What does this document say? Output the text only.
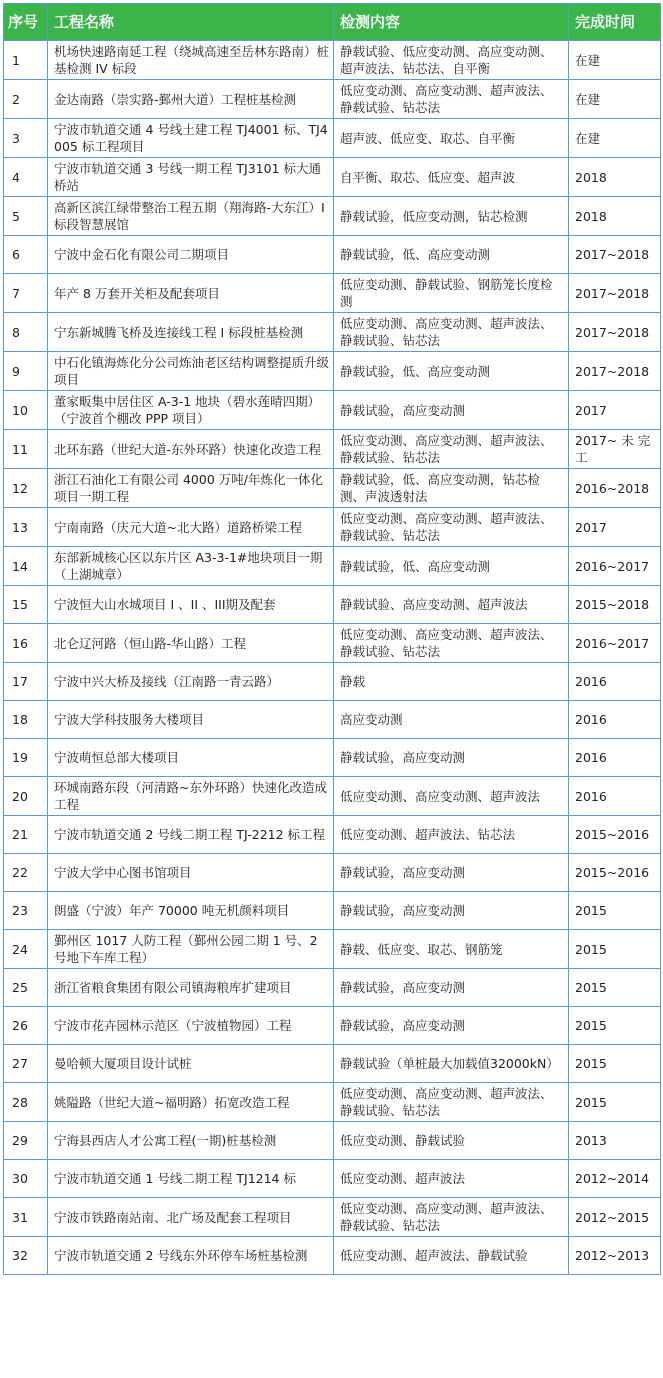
序号	工程名称	检测内容	完成时间
1	机场快速路南延工程（绕城高速至岳林东路南）桩基检测 IV 标段	静载试验、低应变动测、高应变动测、超声波法、钻芯法、自平衡	在建
2	金达南路（崇实路-鄞州大道）工程桩基检测	低应变动测、高应变动测、超声波法、静载试验、钻芯法	在建
3	宁波市轨道交通 4 号线土建工程 TJ4001 标、TJ4005 标工程项目	超声波、低应变、取芯、自平衡	在建
4	宁波市轨道交通 3 号线一期工程 TJ3101 标大通桥站	自平衡、取芯、低应变、超声波	2018
5	高新区滨江绿带整治工程五期（翔海路-大东江）I 标段智慧展馆	静载试验，低应变动测，钻芯检测	2018
6	宁波中金石化有限公司二期项目	静载试验，低、高应变动测	2017~2018
7	年产 8 万套开关柜及配套项目	低应变动测、静载试验、钢筋笼长度检测	2017~2018
8	宁东新城腾飞桥及连接线工程 I 标段桩基检测	低应变动测、高应变动测、超声波法、静载试验、钻芯法	2017~2018
9	中石化镇海炼化分公司炼油老区结构调整提质升级项目	静载试验，低、高应变动测	2017~2018
10	董家畈集中居住区 A-3-1 地块（碧水莲晴四期）（宁波首个棚改 PPP 项目）	静载试验，高应变动测	2017
11	北环东路（世纪大道-东外环路）快速化改造工程	低应变动测、高应变动测、超声波法、静载试验、钻芯法	2017~ 未 完工
12	浙江石油化工有限公司 4000 万吨/年炼化一体化项目一期工程	静载试验，低、高应变动测，钻芯检测、声波透射法	2016~2018
13	宁南南路（庆元大道~北大路）道路桥梁工程	低应变动测、高应变动测、超声波法、静载试验、钻芯法	2017
14	东部新城核心区以东片区 A3-3-1#地块项目一期（上湖城章）	静载试验，低、高应变动测	2016~2017
15	宁波恒大山水城项目 I 、II 、III期及配套	静载试验、高应变动测、超声波法	2015~2018
16	北仑辽河路（恒山路-华山路）工程	低应变动测、高应变动测、超声波法、静载试验、钻芯法	2016~2017
17	宁波中兴大桥及接线（江南路一青云路）	静载	2016
18	宁波大学科技服务大楼项目	高应变动测	2016
19	宁波萌恒总部大楼项目	静载试验，高应变动测	2016
20	环城南路东段（河清路~东外环路）快速化改造成工程	低应变动测、高应变动测、超声波法	2016
21	宁波市轨道交通 2 号线二期工程 TJ-2212 标工程	低应变动测、超声波法、钻芯法	2015~2016
22	宁波大学中心图书馆项目	静载试验，高应变动测	2015~2016
23	朗盛（宁波）年产 70000 吨无机颜料项目	静载试验，高应变动测	2015
24	鄞州区 1017 人防工程（鄞州公园二期 1 号、2 号地下车库工程）	静载、低应变、取芯、钢筋笼	2015
25	浙江省粮食集团有限公司镇海粮库扩建项目	静载试验，高应变动测	2015
26	宁波市花卉园林示范区（宁波植物园）工程	静载试验，高应变动测	2015
27	曼哈顿大厦项目设计试桩	静载试验（单桩最大加载值32000kN）	2015
28	姚隘路（世纪大道~福明路）拓宽改造工程	低应变动测、高应变动测、超声波法、静载试验、钻芯法	2015
29	宁海县西店人才公寓工程(一期)桩基检测	低应变动测、静载试验	2013
30	宁波市轨道交通 1 号线二期工程 TJ1214 标	低应变动测、超声波法	2012~2014
31	宁波市铁路南站南、北广场及配套工程项目	低应变动测、高应变动测、超声波法、静载试验、钻芯法	2012~2015
32	宁波市轨道交通 2 号线东外环停车场桩基检测	低应变动测、超声波法、静载试验	2012~2013
